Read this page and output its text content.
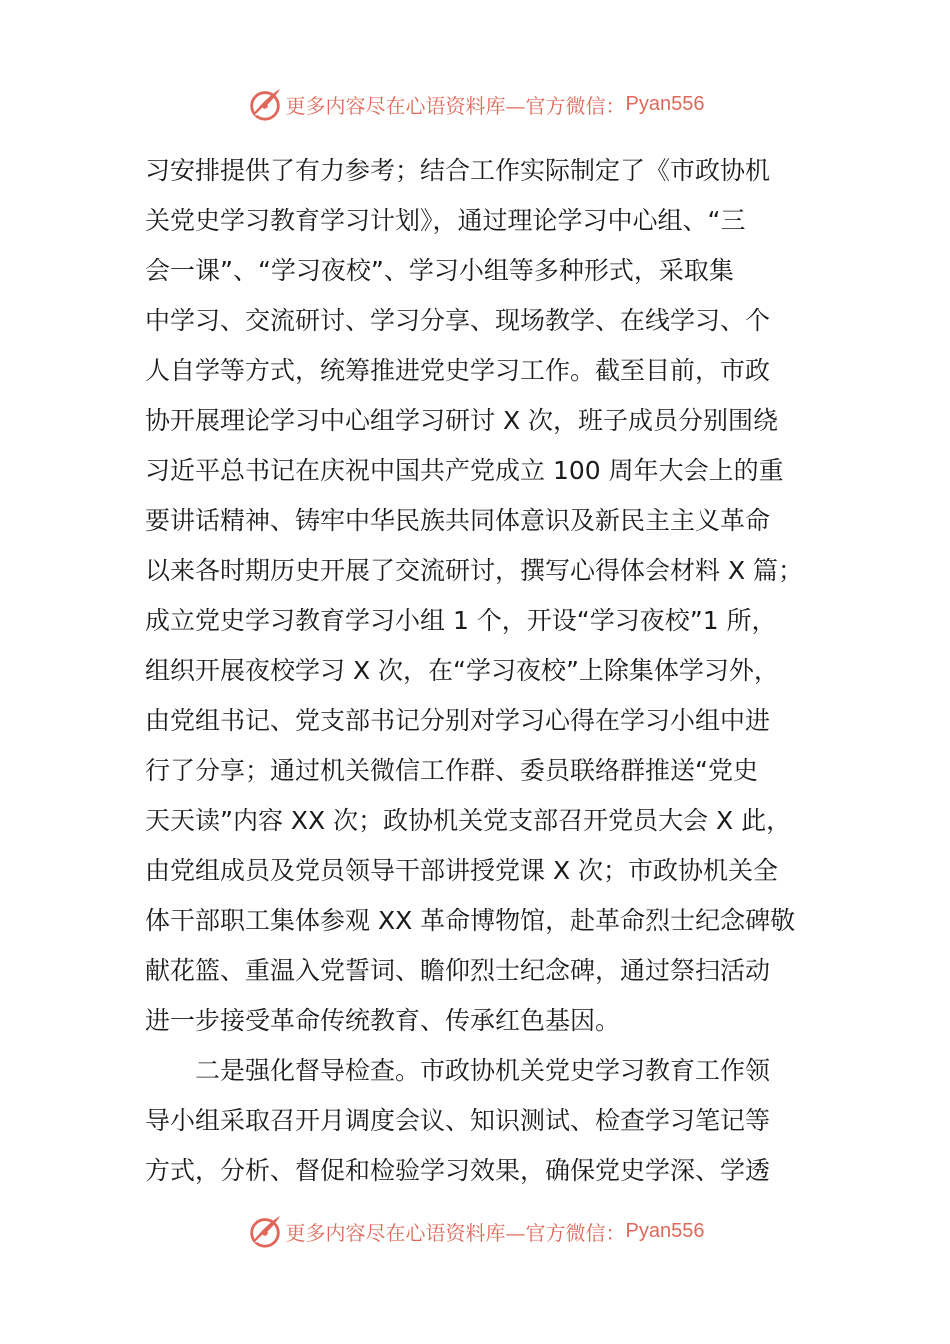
更多内容尽在心语资料库—官方微信： Pyan556
习安排提供了有力参考；结合工作实际制定了《市政协机
关党史学习教育学习计划》，通过理论学习中心组、“三
会一课”、“学习夜校”、学习小组等多种形式，采取集
中学习、交流研讨、学习分享、现场教学、在线学习、个
人自学等方式，统筹推进党史学习工作。截至目前，市政
协开展理论学习中心组学习研讨 X 次，班子成员分别围绕
习近平总书记在庆祝中国共产党成立 100 周年大会上的重
要讲话精神、铸牢中华民族共同体意识及新民主主义革命
以来各时期历史开展了交流研讨，撰写心得体会材料 X 篇；
成立党史学习教育学习小组 1 个，开设“学习夜校”1 所，
组织开展夜校学习 X 次，在“学习夜校”上除集体学习外，
由党组书记、党支部书记分别对学习心得在学习小组中进
行了分享；通过机关微信工作群、委员联络群推送“党史
天天读”内容 XX 次；政协机关党支部召开党员大会 X 此，
由党组成员及党员领导干部讲授党课 X 次；市政协机关全
体干部职工集体参观 XX 革命博物馆，赴革命烈士纪念碑敬
献花篮、重温入党誓词、瞻仰烈士纪念碑，通过祭扫活动
进一步接受革命传统教育、传承红色基因。
二是强化督导检查。市政协机关党史学习教育工作领
导小组采取召开月调度会议、知识测试、检查学习笔记等
方式，分析、督促和检验学习效果，确保党史学深、学透
更多内容尽在心语资料库—官方微信： Pyan556
